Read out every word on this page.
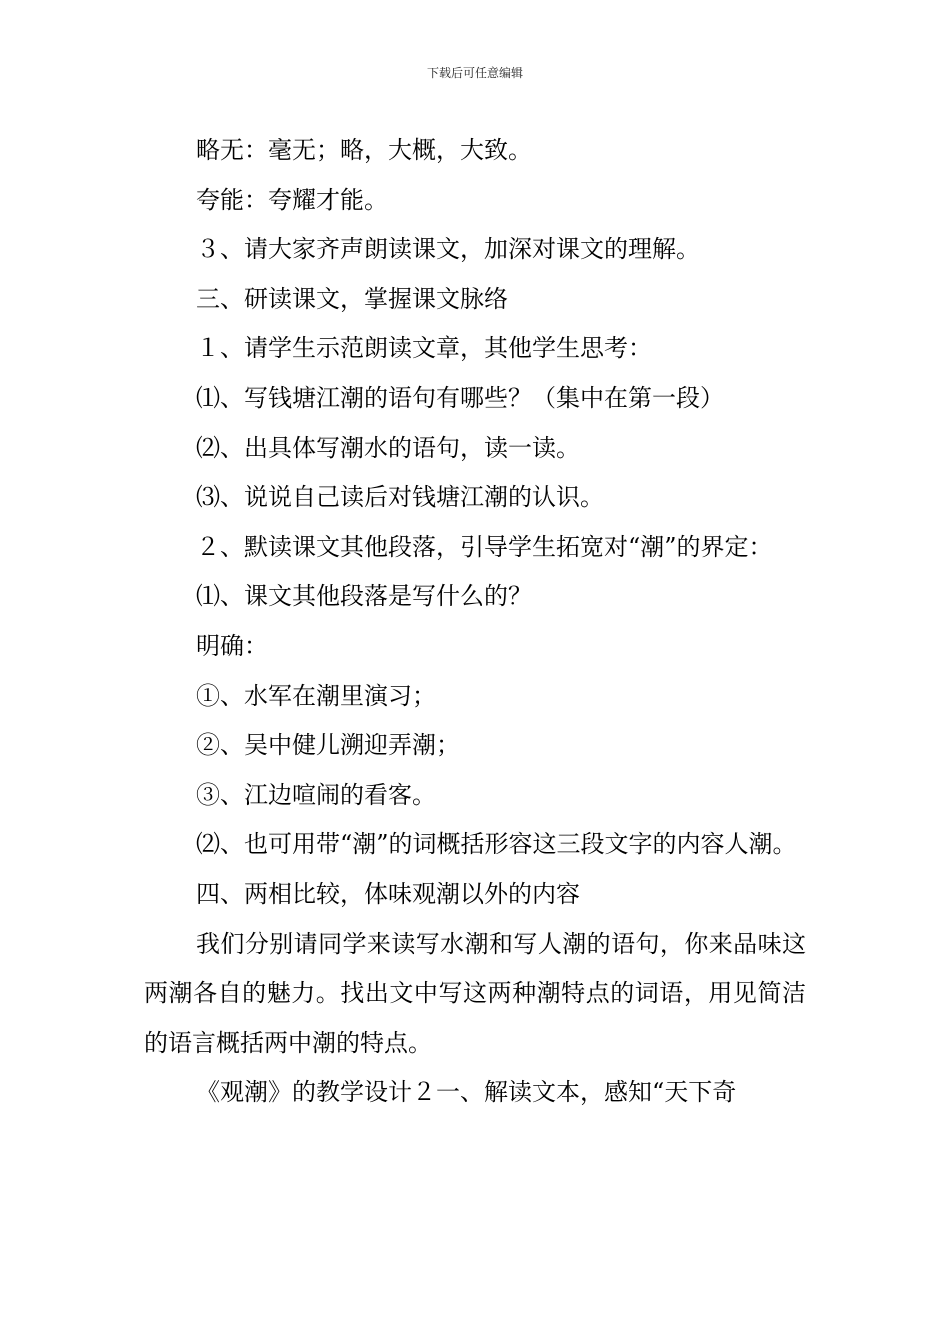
下载后可任意编辑

略无：毫无；略，大概，大致。

夸能：夸耀才能。

３、请大家齐声朗读课文，加深对课文的理解。

三、研读课文，掌握课文脉络

１、请学生示范朗读文章，其他学生思考：

⑴、写钱塘江潮的语句有哪些？（集中在第一段）

⑵、出具体写潮水的语句，读一读。

⑶、说说自己读后对钱塘江潮的认识。

２、默读课文其他段落，引导学生拓宽对“潮”的界定：

⑴、课文其他段落是写什么的？

明确：

①、水军在潮里演习；

②、吴中健儿溯迎弄潮；

③、江边喧闹的看客。

⑵、也可用带“潮”的词概括形容这三段文字的内容人潮。

四、两相比较，体味观潮以外的内容

我们分别请同学来读写水潮和写人潮的语句，你来品味这两潮各自的魅力。找出文中写这两种潮特点的词语，用见简洁的语言概括两中潮的特点。

《观潮》的教学设计２一、解读文本，感知“天下奇
